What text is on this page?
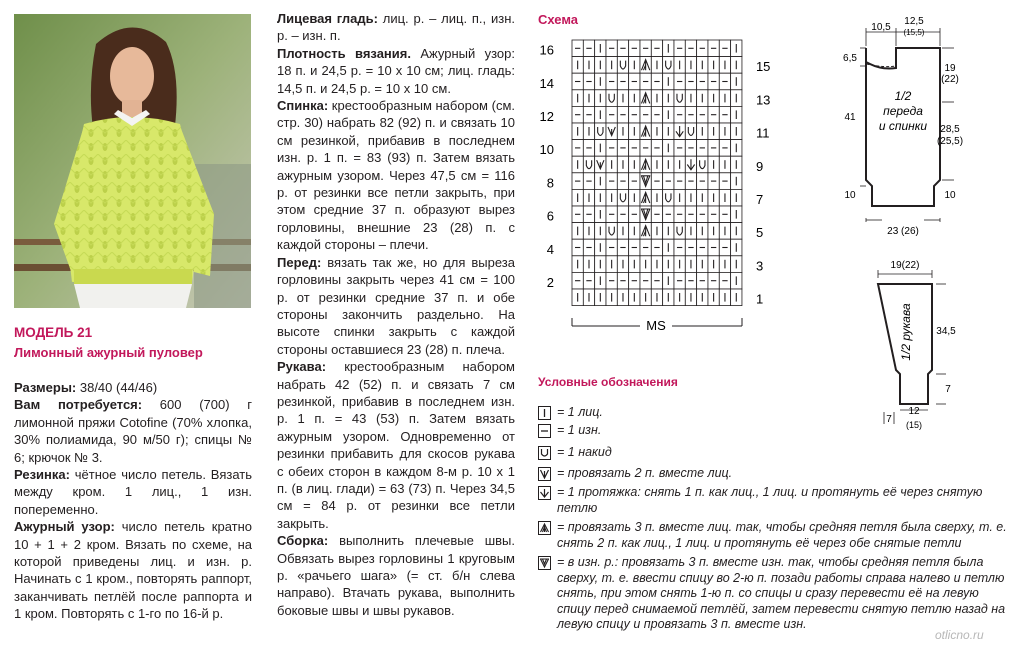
МОДЕЛЬ 21
Лимонный ажурный пуловер

Размеры: 38/40 (44/46)

Вам потребуется: 600 (700) г лимонной пряжи Cotofine (70% хлопка, 30% полиамида, 90 м/50 г); спицы № 6; крючок № 3.

Резинка: чётное число петель. Вязать между кром. 1 лиц., 1 изн. попеременно.

Ажурный узор: число петель кратно 10 + 1 + 2 кром. Вязать по схеме, на которой приведены лиц. и изн. р. Начинать с 1 кром., повторять раппорт, заканчивать петлёй после раппорта и 1 кром. Повторять с 1-го по 16-й р.

Лицевая гладь: лиц. р. – лиц. п., изн. р. – изн. п.

Плотность вязания. Ажурный узор: 18 п. и 24,5 р. = 10 х 10 см; лиц. гладь: 14,5 п. и 24,5 р. = 10 х 10 см.

Спинка: крестообразным набором (см. стр. 30) набрать 82 (92) п. и связать 10 см резинкой, прибавив в последнем изн. р. 1 п. = 83 (93) п. Затем вязать ажурным узором. Через 47,5 см = 116 р. от резинки все петли закрыть, при этом средние 37 п. образуют вырез горловины, внешние 23 (28) п. с каждой стороны – плечи.

Перед: вязать так же, но для выреза горловины закрыть через 41 см = 100 р. от резинки средние 37 п. и обе стороны закончить раздельно. На высоте спинки закрыть с каждой стороны оставшиеся 23 (28) п. плеча.

Рукава: крестообразным набором набрать 42 (52) п. и связать 7 см резинкой, прибавив в последнем изн. р. 1 п. = 43 (53) п. Затем вязать ажурным узором. Одновременно от резинки прибавить для скосов рукава с обеих сторон в каждом 8-м р. 10 х 1 п. (в лиц. глади) = 63 (73) п. Через 34,5 см = 84 р. от резинки все петли закрыть.

Сборка: выполнить плечевые швы. Обвязать вырез горловины 1 круговым р. «рачьего шага» (= ст. б/н слева направо). Втачать рукава, выполнить боковые швы и швы рукавов.

Схема
16
14
12
10
8
6
4
2
15
13
11
9
7
5
3
1
MS
Условные обозначения
= 1 лиц.
= 1 изн.
= 1 накид
= провязать 2 п. вместе лиц.
= 1 протяжка: снять 1 п. как лиц., 1 лиц. и протянуть её через снятую петлю
= провязать 3 п. вместе лиц. так, чтобы средняя петля была сверху, т. е. снять 2 п. как лиц., 1 лиц. и протянуть её через обе снятые петли
= в изн. р.: провязать 3 п. вместе изн. так, чтобы средняя петля была сверху, т. е. ввести спицу во 2-ю п. позади работы справа налево и петлю снять, при этом снять 1-ю п. со спицы и сразу перевести её на левую спицу перед снимаемой петлёй, затем перевести снятую петлю назад на левую спицу и провязать 3 п. вместе изн.
10,5
12,5
(15,5)
6,5
41
10
19
(22)
28,5
(25,5)
10
23 (26)
1/2
переда
и спинки
19(22)
34,5
7
7
12
(15)
1/2 рукава
otlicno.ru
